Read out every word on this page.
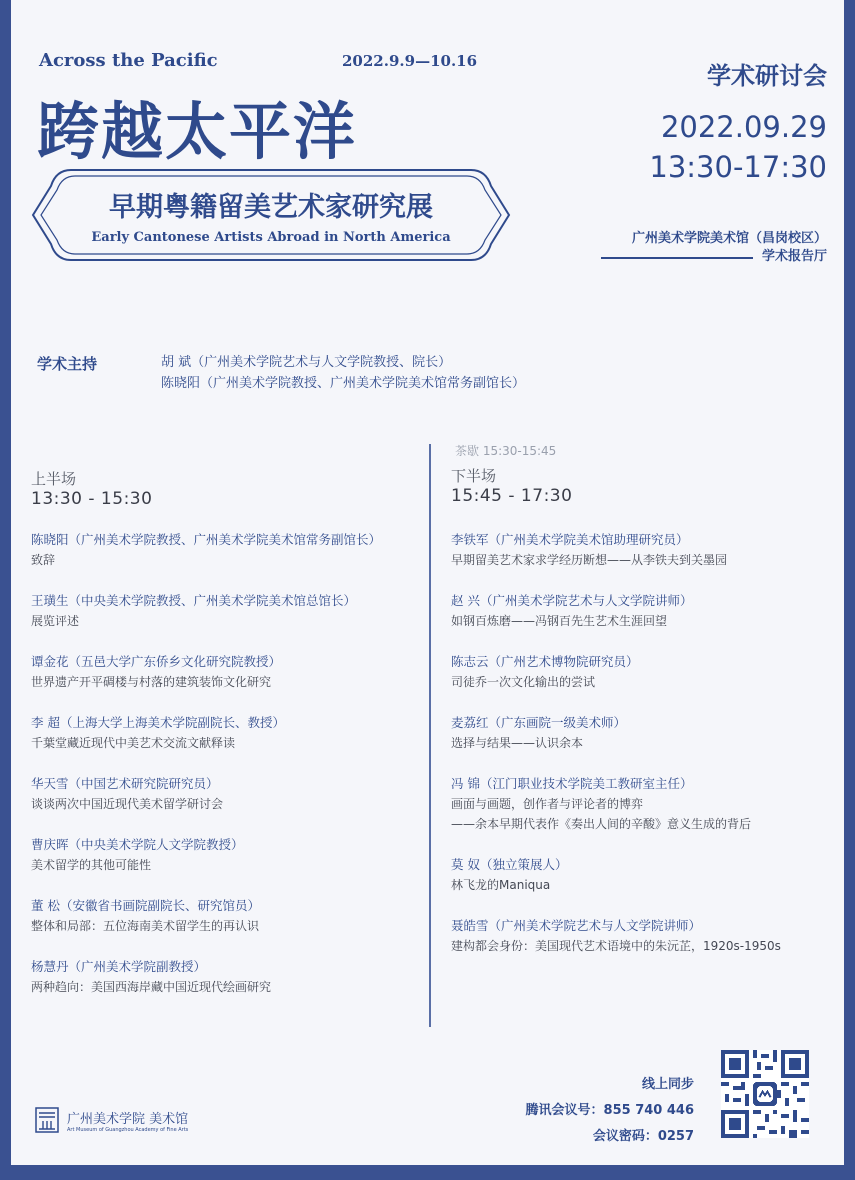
Across the Pacific	2022.9.9—10.16
跨越太平洋
早期粤籍留美艺术家研究展
Early Cantonese Artists Abroad in North America
学术研讨会
2022.09.29
13:30-17:30
广州美术学院美术馆（昌岗校区）
学术报告厅
学术主持	胡 斌（广州美术学院艺术与人文学院教授、院长）
陈晓阳（广州美术学院教授、广州美术学院美术馆常务副馆长）
茶歇 15:30-15:45
上半场
13:30 - 15:30
陈晓阳（广州美术学院教授、广州美术学院美术馆常务副馆长）
致辞
王璜生（中央美术学院教授、广州美术学院美术馆总馆长）
展览评述
谭金花（五邑大学广东侨乡文化研究院教授）
世界遗产开平碉楼与村落的建筑装饰文化研究
李 超（上海大学上海美术学院副院长、教授）
千葉堂藏近现代中美艺术交流文献释读
华天雪（中国艺术研究院研究员）
谈谈两次中国近现代美术留学研讨会
曹庆晖（中央美术学院人文学院教授）
美术留学的其他可能性
董 松（安徽省书画院副院长、研究馆员）
整体和局部：五位海南美术留学生的再认识
杨慧丹（广州美术学院副教授）
两种趋向：美国西海岸藏中国近现代绘画研究
下半场
15:45 - 17:30
李铁军（广州美术学院美术馆助理研究员）
早期留美艺术家求学经历断想——从李铁夫到关墨园
赵 兴（广州美术学院艺术与人文学院讲师）
如钢百炼磨——冯钢百先生艺术生涯回望
陈志云（广州艺术博物院研究员）
司徒乔一次文化输出的尝试
麦荔红（广东画院一级美术师）
选择与结果——认识余本
冯 锦（江门职业技术学院美工教研室主任）
画面与画题，创作者与评论者的博弈
——余本早期代表作《奏出人间的辛酸》意义生成的背后
莫 奴（独立策展人）
林飞龙的Maniqua
聂皓雪（广州美术学院艺术与人文学院讲师）
建构都会身份：美国现代艺术语境中的朱沅芷，1920s-1950s
线上同步
腾讯会议号：855 740 446
会议密码：0257
广州美术学院 美术馆
Art Museum of Guangzhou Academy of Fine Arts
